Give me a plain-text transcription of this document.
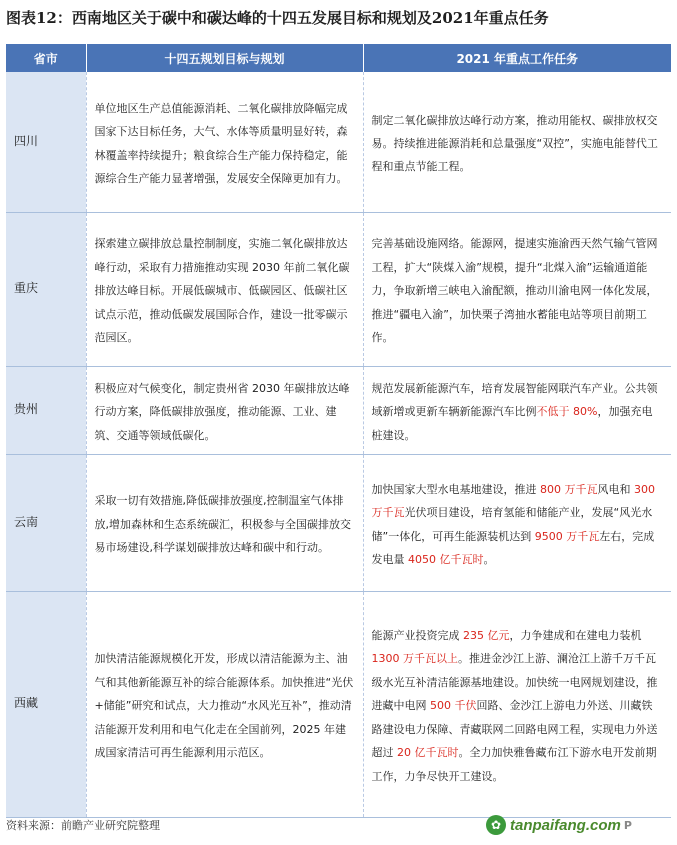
图表12：西南地区关于碳中和碳达峰的十四五发展目标和规划及2021年重点任务
省市	十四五规划目标与规划	2021 年重点工作任务
四川	单位地区生产总值能源消耗、二氧化碳排放降幅完成国家下达目标任务，大气、水体等质量明显好转，森林覆盖率持续提升；粮食综合生产能力保持稳定，能源综合生产能力显著增强，发展安全保障更加有力。	制定二氧化碳排放达峰行动方案，推动用能权、碳排放权交易。持续推进能源消耗和总量强度“双控”，实施电能替代工程和重点节能工程。

重庆	探索建立碳排放总量控制制度，实施二氧化碳排放达峰行动，采取有力措施推动实现 2030 年前二氧化碳排放达峰目标。开展低碳城市、低碳园区、低碳社区试点示范，推动低碳发展国际合作，建设一批零碳示范园区。	完善基础设施网络。能源网，提速实施渝西天然气输气管网工程，扩大“陕煤入渝”规模，提升“北煤入渝”运输通道能力，争取新增三峡电入渝配额，推动川渝电网一体化发展，推进“疆电入渝”，加快栗子湾抽水蓄能电站等项目前期工作。

贵州	积极应对气候变化，制定贵州省 2030 年碳排放达峰行动方案，降低碳排放强度，推动能源、工业、建筑、交通等领域低碳化。	规范发展新能源汽车，培育发展智能网联汽车产业。公共领域新增或更新车辆新能源汽车比例不低于 80%，加强充电桩建设。

云南	采取一切有效措施,降低碳排放强度,控制温室气体排放,增加森林和生态系统碳汇，积极参与全国碳排放交易市场建设,科学谋划碳排放达峰和碳中和行动。	加快国家大型水电基地建设，推进 800 万千瓦风电和 300 万千瓦光伏项目建设，培育氢能和储能产业，发展“风光水储”一体化，可再生能源装机达到 9500 万千瓦左右，完成发电量 4050 亿千瓦时。

西藏	加快清洁能源规模化开发，形成以清洁能源为主、油气和其他新能源互补的综合能源体系。加快推进“光伏+储能”研究和试点，大力推动“水风光互补”，推动清洁能源开发利用和电气化走在全国前列，2025 年建成国家清洁可再生能源利用示范区。	能源产业投资完成 235 亿元，力争建成和在建电力装机 1300 万千瓦以上。推进金沙江上游、澜沧江上游千万千瓦级水光互补清洁能源基地建设。加快统一电网规划建设，推进藏中电网 500 千伏回路、金沙江上游电力外送、川藏铁路建设电力保障、青藏联网二回路电网工程，实现电力外送超过 20 亿千瓦时。全力加快雅鲁藏布江下游水电开发前期工作，力争尽快开工建设。
资料来源：前瞻产业研究院整理	✿ tanpaifang.com P
